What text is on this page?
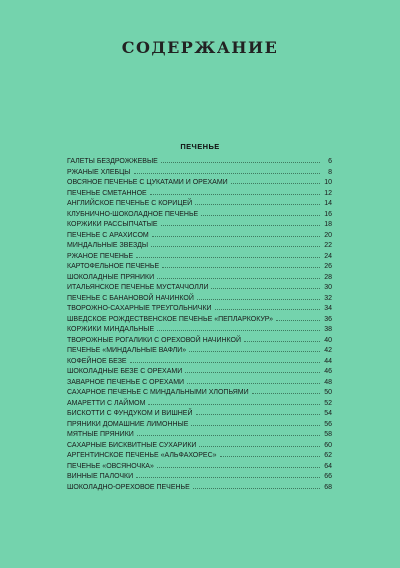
СОДЕРЖАНИЕ
ПЕЧЕНЬЕ
ГАЛЕТЫ БЕЗДРОЖЖЕВЫЕ	6
РЖАНЫЕ ХЛЕБЦЫ	8
ОВСЯНОЕ ПЕЧЕНЬЕ С ЦУКАТАМИ И ОРЕХАМИ	10
ПЕЧЕНЬЕ СМЕТАННОЕ	12
АНГЛИЙСКОЕ ПЕЧЕНЬЕ С КОРИЦЕЙ	14
КЛУБНИЧНО-ШОКОЛАДНОЕ ПЕЧЕНЬЕ	16
КОРЖИКИ РАССЫПЧАТЫЕ	18
ПЕЧЕНЬЕ С АРАХИСОМ	20
МИНДАЛЬНЫЕ ЗВЕЗДЫ	22
РЖАНОЕ ПЕЧЕНЬЕ	24
КАРТОФЕЛЬНОЕ ПЕЧЕНЬЕ	26
ШОКОЛАДНЫЕ ПРЯНИКИ	28
ИТАЛЬЯНСКОЕ ПЕЧЕНЬЕ МУСТАЧЧОЛЛИ	30
ПЕЧЕНЬЕ С БАНАНОВОЙ НАЧИНКОЙ	32
ТВОРОЖНО-САХАРНЫЕ ТРЕУГОЛЬНИЧКИ	34
ШВЕДСКОЕ РОЖДЕСТВЕНСКОЕ ПЕЧЕНЬЕ «ПЕПЛАРКОКУР»	36
КОРЖИКИ МИНДАЛЬНЫЕ	38
ТВОРОЖНЫЕ РОГАЛИКИ С ОРЕХОВОЙ НАЧИНКОЙ	40
ПЕЧЕНЬЕ «МИНДАЛЬНЫЕ ВАФЛИ»	42
КОФЕЙНОЕ БЕЗЕ	44
ШОКОЛАДНЫЕ БЕЗЕ С ОРЕХАМИ	46
ЗАВАРНОЕ ПЕЧЕНЬЕ С ОРЕХАМИ	48
САХАРНОЕ ПЕЧЕНЬЕ С МИНДАЛЬНЫМИ ХЛОПЬЯМИ	50
АМАРЕТТИ С ЛАЙМОМ	52
БИСКОТТИ С ФУНДУКОМ И ВИШНЕЙ	54
ПРЯНИКИ ДОМАШНИЕ ЛИМОННЫЕ	56
МЯТНЫЕ ПРЯНИКИ	58
САХАРНЫЕ БИСКВИТНЫЕ СУХАРИКИ	60
АРГЕНТИНСКОЕ ПЕЧЕНЬЕ «АЛЬФАХОРЕС»	62
ПЕЧЕНЬЕ «ОВСЯНОЧКА»	64
ВИННЫЕ ПАЛОЧКИ	66
ШОКОЛАДНО-ОРЕХОВОЕ ПЕЧЕНЬЕ	68
